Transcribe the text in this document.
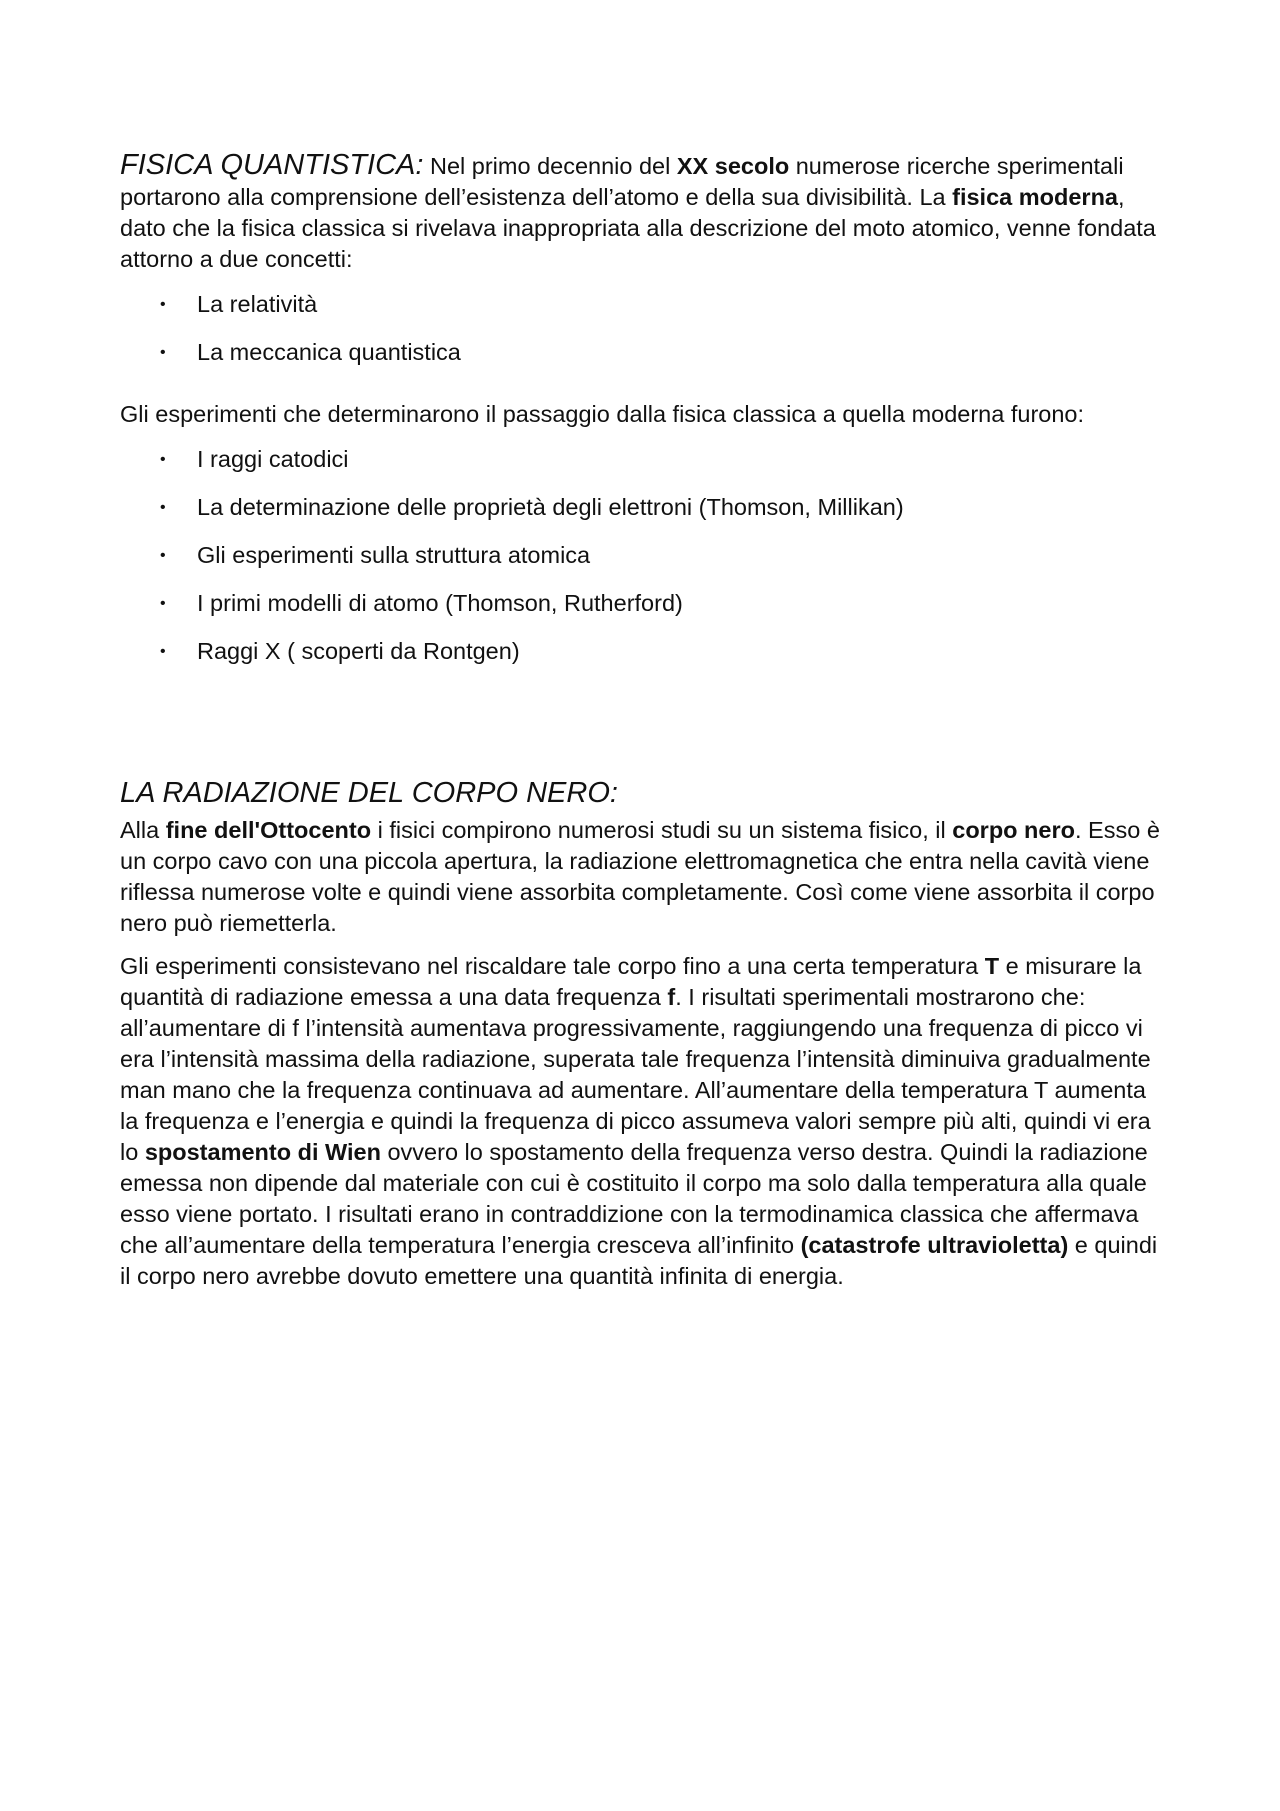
FISICA QUANTISTICA: Nel primo decennio del XX secolo numerose ricerche sperimentali portarono alla comprensione dell’esistenza dell’atomo e della sua divisibilità. La fisica moderna, dato che la fisica classica si rivelava inappropriata alla descrizione del moto atomico, venne fondata attorno a due concetti:

• La relatività
• La meccanica quantistica

Gli esperimenti che determinarono il passaggio dalla fisica classica a quella moderna furono:

• I raggi catodici
• La determinazione delle proprietà degli elettroni (Thomson, Millikan)
• Gli esperimenti sulla struttura atomica
• I primi modelli di atomo (Thomson, Rutherford)
• Raggi X ( scoperti da Rontgen)
LA RADIAZIONE DEL CORPO NERO:

Alla fine dell'Ottocento i fisici compirono numerosi studi su un sistema fisico, il corpo nero. Esso è un corpo cavo con una piccola apertura, la radiazione elettromagnetica che entra nella cavità viene riflessa numerose volte e quindi viene assorbita completamente. Così come viene assorbita il corpo nero può riemetterla.

Gli esperimenti consistevano nel riscaldare tale corpo fino a una certa temperatura T e misurare la quantità di radiazione emessa a una data frequenza f. I risultati sperimentali mostrarono che: all’aumentare di f l’intensità aumentava progressivamente, raggiungendo una frequenza di picco vi era l’intensità massima della radiazione, superata tale frequenza l’intensità diminuiva gradualmente man mano che la frequenza continuava ad aumentare. All’aumentare della temperatura T aumenta la frequenza e l’energia e quindi la frequenza di picco assumeva valori sempre più alti, quindi vi era lo spostamento di Wien ovvero lo spostamento della frequenza verso destra. Quindi la radiazione emessa non dipende dal materiale con cui è costituito il corpo ma solo dalla temperatura alla quale esso viene portato. I risultati erano in contraddizione con la termodinamica classica che affermava che all’aumentare della temperatura l’energia cresceva all’infinito (catastrofe ultravioletta) e quindi il corpo nero avrebbe dovuto emettere una quantità infinita di energia.
